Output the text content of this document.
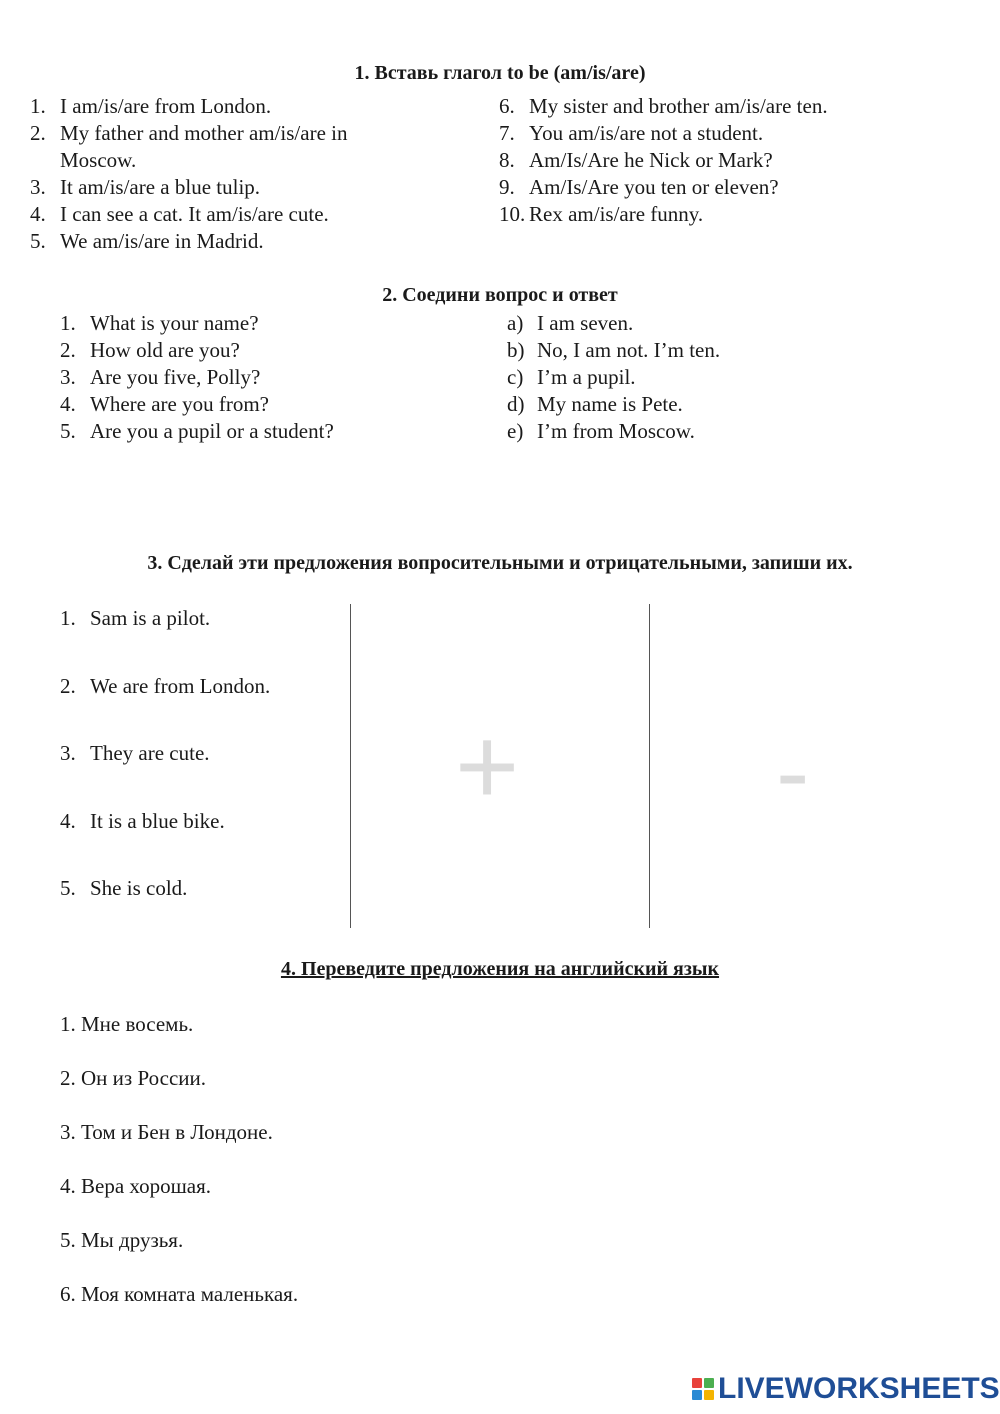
1. Вставь глагол to be (am/is/are)
1. I am/is/are from London.
2. My father and mother am/is/are in
Moscow.
3. It am/is/are a blue tulip.
4. I can see a cat. It am/is/are cute.
5. We am/is/are in Madrid.
6. My sister and brother am/is/are ten.
7. You am/is/are not a student.
8. Am/Is/Are he Nick or Mark?
9. Am/Is/Are you ten or eleven?
10. Rex am/is/are funny.
2. Соедини вопрос и ответ
1. What is your name?
2. How old are you?
3. Are you five, Polly?
4. Where are you from?
5. Are you a pupil or a student?
a) I am seven.
b) No, I am not. I’m ten.
c) I’m a pupil.
d) My name is Pete.
e) I’m from Moscow.
3. Сделай эти предложения вопросительными и отрицательными, запиши их.
1. Sam is a pilot.
2. We are from London.
3. They are cute.
4. It is a blue bike.
5. She is cold.
+	-
4. Переведите предложения на английский язык
1. Мне восемь.
2. Он из России.
3. Том и Бен в Лондоне.
4. Вера хорошая.
5. Мы друзья.
6. Моя комната маленькая.
LIVEWORKSHEETS
